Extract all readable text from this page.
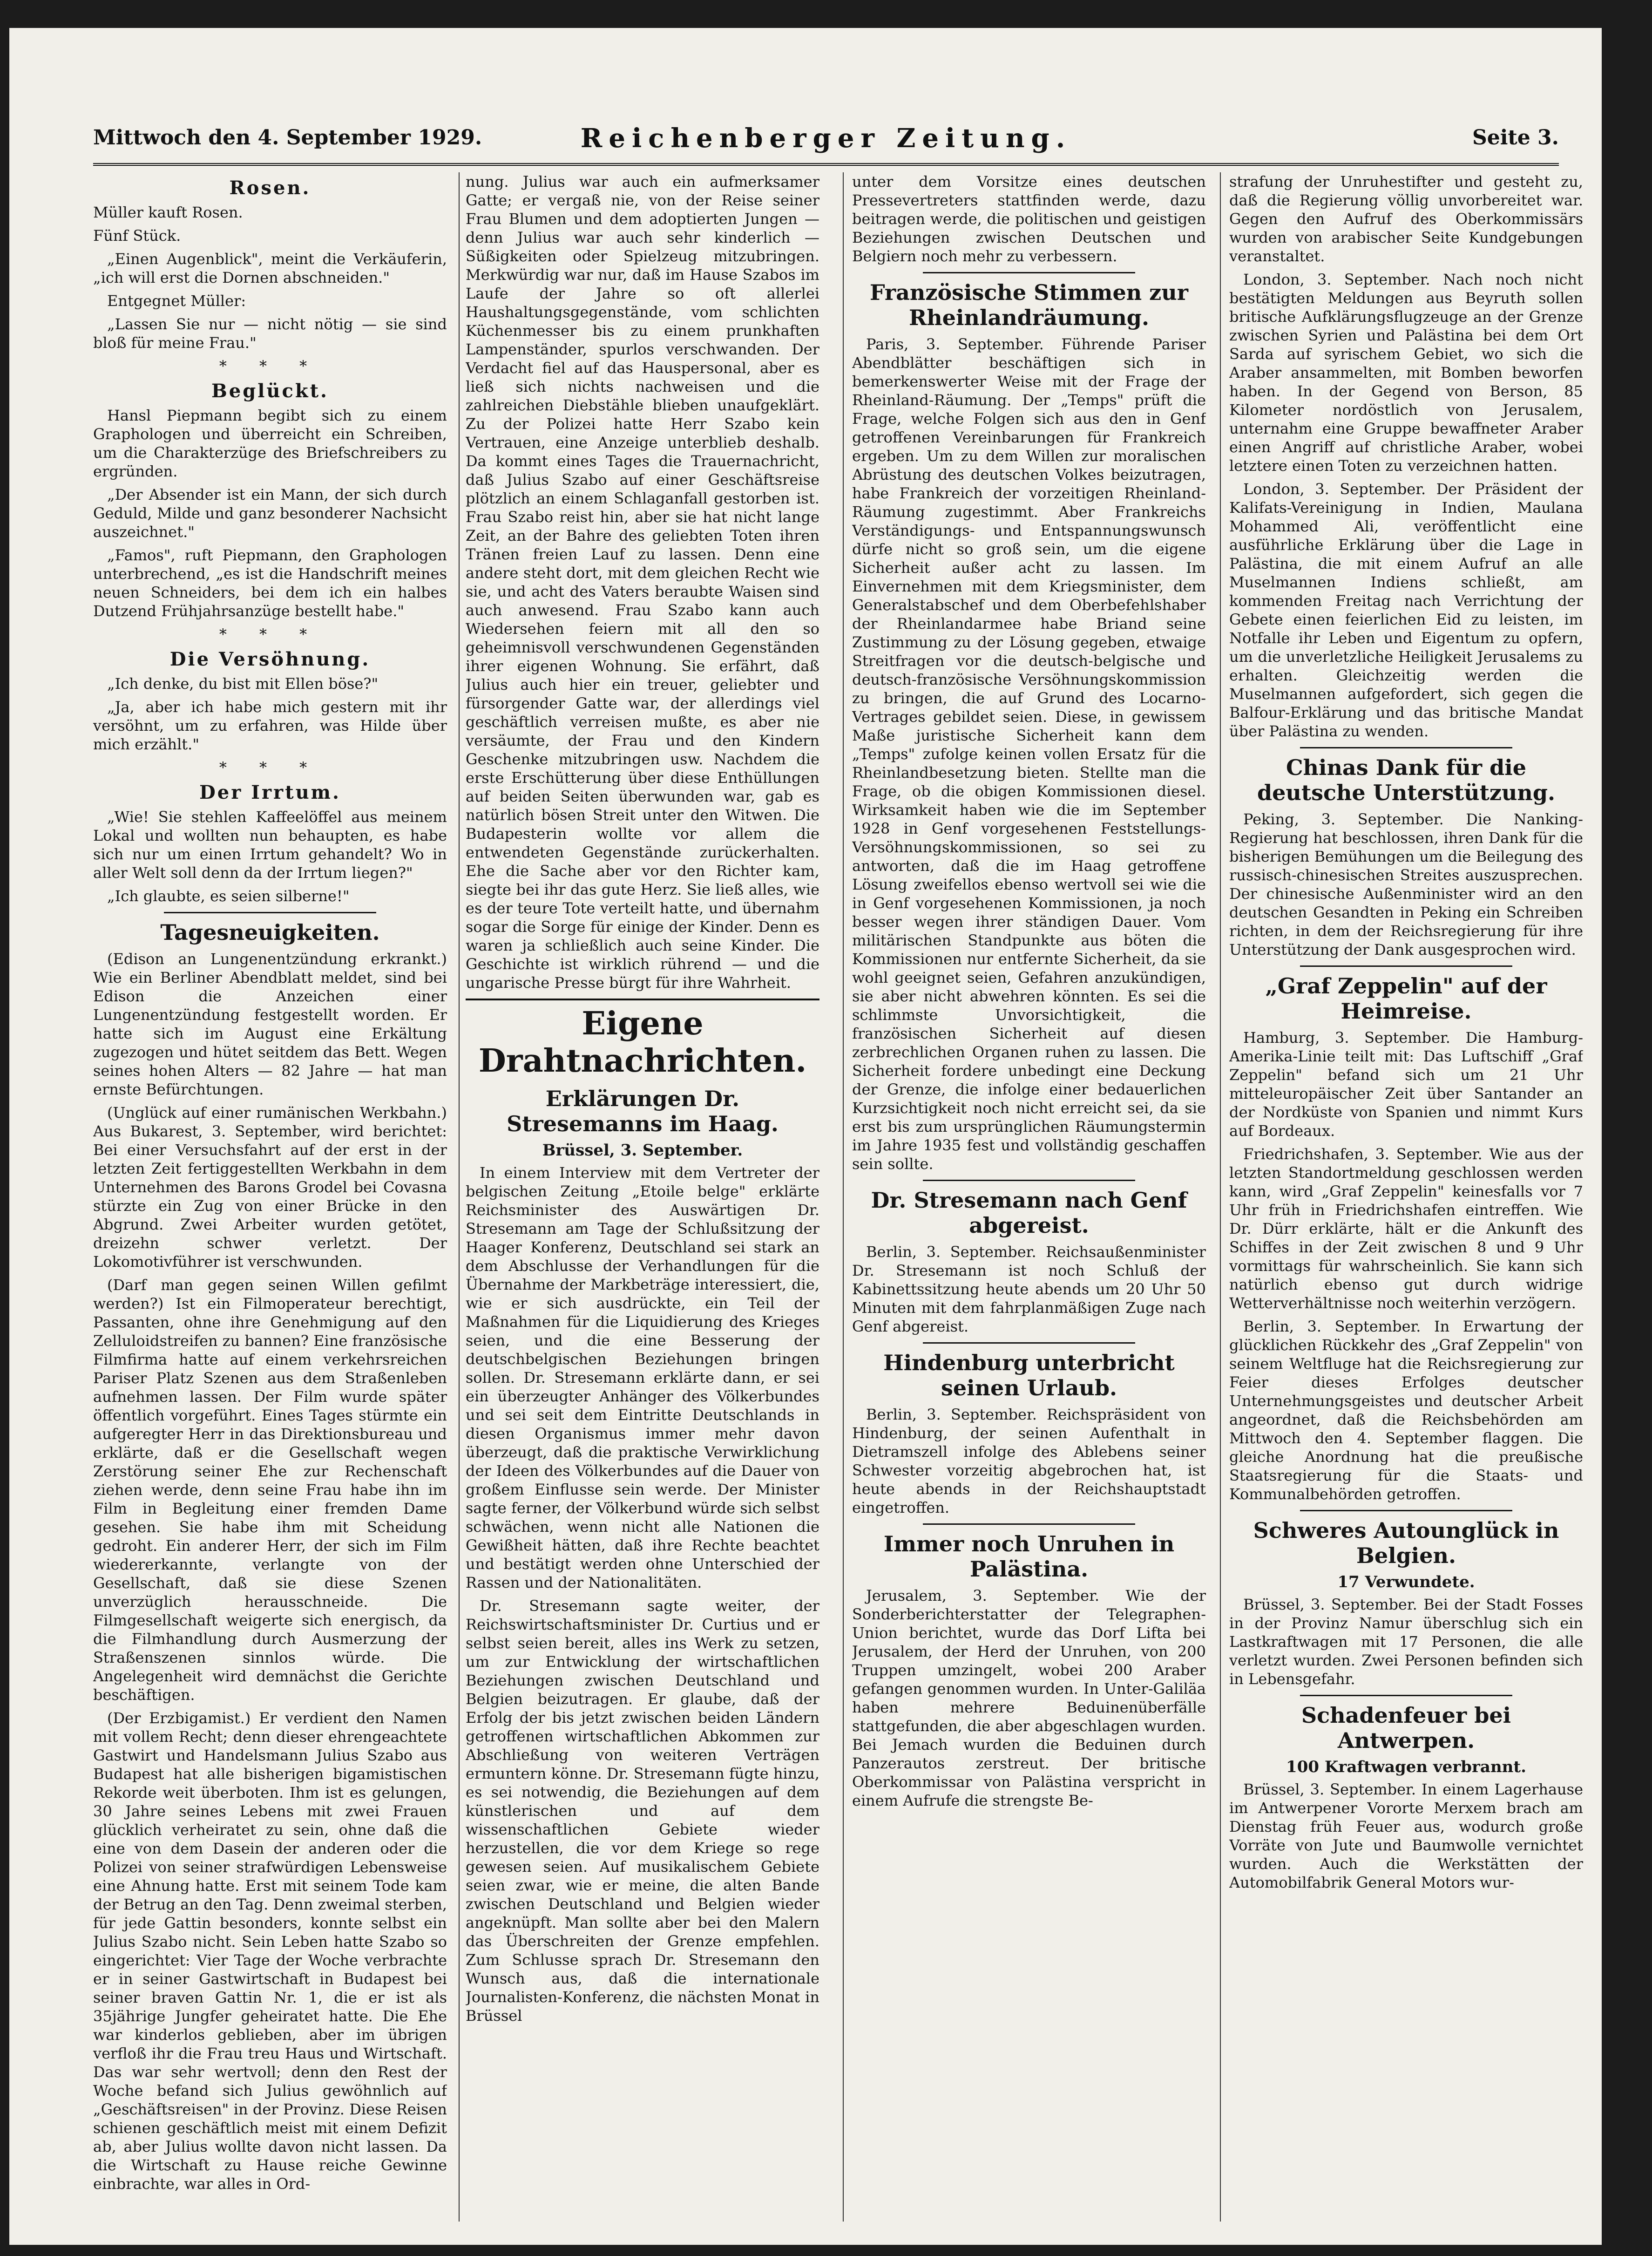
Mittwoch den 4. September 1929.	Reichenberger Zeitung.	Seite 3.
Rosen.

Müller kauft Rosen.

Fünf Stück.

„Einen Augenblick", meint die Verkäuferin, „ich will erst die Dornen abschneiden."

Entgegnet Müller:

„Lassen Sie nur — nicht nötig — sie sind bloß für meine Frau."

* * *
Beglückt.

Hansl Piepmann begibt sich zu einem Graphologen und überreicht ein Schreiben, um die Charakterzüge des Briefschreibers zu ergründen.

„Der Absender ist ein Mann, der sich durch Geduld, Milde und ganz besonderer Nachsicht auszeichnet."

„Famos", ruft Piepmann, den Graphologen unterbrechend, „es ist die Handschrift meines neuen Schneiders, bei dem ich ein halbes Dutzend Frühjahrsanzüge bestellt habe."

* * *
Die Versöhnung.

„Ich denke, du bist mit Ellen böse?"

„Ja, aber ich habe mich gestern mit ihr versöhnt, um zu erfahren, was Hilde über mich erzählt."

* * *
Der Irrtum.

„Wie! Sie stehlen Kaffeelöffel aus meinem Lokal und wollten nun behaupten, es habe sich nur um einen Irrtum gehandelt? Wo in aller Welt soll denn da der Irrtum liegen?"

„Ich glaubte, es seien silberne!"

Tagesneuigkeiten.

(Edison an Lungenentzündung erkrankt.) Wie ein Berliner Abendblatt meldet, sind bei Edison die Anzeichen einer Lungenentzündung festgestellt worden. Er hatte sich im August eine Erkältung zugezogen und hütet seitdem das Bett. Wegen seines hohen Alters — 82 Jahre — hat man ernste Befürchtungen.

(Unglück auf einer rumänischen Werkbahn.) Aus Bukarest, 3. September, wird berichtet: Bei einer Versuchsfahrt auf der erst in der letzten Zeit fertiggestellten Werkbahn in dem Unternehmen des Barons Grodel bei Covasna stürzte ein Zug von einer Brücke in den Abgrund. Zwei Arbeiter wurden getötet, dreizehn schwer verletzt. Der Lokomotivführer ist verschwunden.

(Darf man gegen seinen Willen gefilmt werden?) Ist ein Filmoperateur berechtigt, Passanten, ohne ihre Genehmigung auf den Zelluloidstreifen zu bannen? Eine französische Filmfirma hatte auf einem verkehrsreichen Pariser Platz Szenen aus dem Straßenleben aufnehmen lassen. Der Film wurde später öffentlich vorgeführt. Eines Tages stürmte ein aufgeregter Herr in das Direktionsbureau und erklärte, daß er die Gesellschaft wegen Zerstörung seiner Ehe zur Rechenschaft ziehen werde, denn seine Frau habe ihn im Film in Begleitung einer fremden Dame gesehen. Sie habe ihm mit Scheidung gedroht. Ein anderer Herr, der sich im Film wiedererkannte, verlangte von der Gesellschaft, daß sie diese Szenen unverzüglich herausschneide. Die Filmgesellschaft weigerte sich energisch, da die Filmhandlung durch Ausmerzung der Straßenszenen sinnlos würde. Die Angelegenheit wird demnächst die Gerichte beschäftigen.

(Der Erzbigamist.) Er verdient den Namen mit vollem Recht; denn dieser ehrengeachtete Gastwirt und Handelsmann Julius Szabo aus Budapest hat alle bisherigen bigamistischen Rekorde weit überboten. Ihm ist es gelungen, 30 Jahre seines Lebens mit zwei Frauen glücklich verheiratet zu sein, ohne daß die eine von dem Dasein der anderen oder die Polizei von seiner strafwürdigen Lebensweise eine Ahnung hatte. Erst mit seinem Tode kam der Betrug an den Tag. Denn zweimal sterben, für jede Gattin besonders, konnte selbst ein Julius Szabo nicht. Sein Leben hatte Szabo so eingerichtet: Vier Tage der Woche verbrachte er in seiner Gastwirtschaft in Budapest bei seiner braven Gattin Nr. 1, die er ist als 35jährige Jungfer geheiratet hatte. Die Ehe war kinderlos geblieben, aber im übrigen verfloß ihr die Frau treu Haus und Wirtschaft. Das war sehr wertvoll; denn den Rest der Woche befand sich Julius gewöhnlich auf „Geschäftsreisen" in der Provinz. Diese Reisen schienen geschäftlich meist mit einem Defizit ab, aber Julius wollte davon nicht lassen. Da die Wirtschaft zu Hause reiche Gewinne einbrachte, war alles in Ord-

nung. Julius war auch ein aufmerksamer Gatte; er vergaß nie, von der Reise seiner Frau Blumen und dem adoptierten Jungen — denn Julius war auch sehr kinderlich — Süßigkeiten oder Spielzeug mitzubringen. Merkwürdig war nur, daß im Hause Szabos im Laufe der Jahre so oft allerlei Haushaltungsgegenstände, vom schlichten Küchenmesser bis zu einem prunkhaften Lampenständer, spurlos verschwanden. Der Verdacht fiel auf das Hauspersonal, aber es ließ sich nichts nachweisen und die zahlreichen Diebstähle blieben unaufgeklärt. Zu der Polizei hatte Herr Szabo kein Vertrauen, eine Anzeige unterblieb deshalb. Da kommt eines Tages die Trauernachricht, daß Julius Szabo auf einer Geschäftsreise plötzlich an einem Schlaganfall gestorben ist. Frau Szabo reist hin, aber sie hat nicht lange Zeit, an der Bahre des geliebten Toten ihren Tränen freien Lauf zu lassen. Denn eine andere steht dort, mit dem gleichen Recht wie sie, und acht des Vaters beraubte Waisen sind auch anwesend. Frau Szabo kann auch Wiedersehen feiern mit all den so geheimnisvoll verschwundenen Gegenständen ihrer eigenen Wohnung. Sie erfährt, daß Julius auch hier ein treuer, geliebter und fürsorgender Gatte war, der allerdings viel geschäftlich verreisen mußte, es aber nie versäumte, der Frau und den Kindern Geschenke mitzubringen usw. Nachdem die erste Erschütterung über diese Enthüllungen auf beiden Seiten überwunden war, gab es natürlich bösen Streit unter den Witwen. Die Budapesterin wollte vor allem die entwendeten Gegenstände zurückerhalten. Ehe die Sache aber vor den Richter kam, siegte bei ihr das gute Herz. Sie ließ alles, wie es der teure Tote verteilt hatte, und übernahm sogar die Sorge für einige der Kinder. Denn es waren ja schließlich auch seine Kinder. Die Geschichte ist wirklich rührend — und die ungarische Presse bürgt für ihre Wahrheit.

Eigene Drahtnachrichten.
Erklärungen Dr. Stresemanns im Haag.
Brüssel, 3. September.

In einem Interview mit dem Vertreter der belgischen Zeitung „Etoile belge" erklärte Reichsminister des Auswärtigen Dr. Stresemann am Tage der Schlußsitzung der Haager Konferenz, Deutschland sei stark an dem Abschlusse der Verhandlungen für die Übernahme der Markbeträge interessiert, die, wie er sich ausdrückte, ein Teil der Maßnahmen für die Liquidierung des Krieges seien, und die eine Besserung der deutschbelgischen Beziehungen bringen sollen. Dr. Stresemann erklärte dann, er sei ein überzeugter Anhänger des Völkerbundes und sei seit dem Eintritte Deutschlands in diesen Organismus immer mehr davon überzeugt, daß die praktische Verwirklichung der Ideen des Völkerbundes auf die Dauer von großem Einflusse sein werde. Der Minister sagte ferner, der Völkerbund würde sich selbst schwächen, wenn nicht alle Nationen die Gewißheit hätten, daß ihre Rechte beachtet und bestätigt werden ohne Unterschied der Rassen und der Nationalitäten.

Dr. Stresemann sagte weiter, der Reichswirtschaftsminister Dr. Curtius und er selbst seien bereit, alles ins Werk zu setzen, um zur Entwicklung der wirtschaftlichen Beziehungen zwischen Deutschland und Belgien beizutragen. Er glaube, daß der Erfolg der bis jetzt zwischen beiden Ländern getroffenen wirtschaftlichen Abkommen zur Abschließung von weiteren Verträgen ermuntern könne. Dr. Stresemann fügte hinzu, es sei notwendig, die Beziehungen auf dem künstlerischen und auf dem wissenschaftlichen Gebiete wieder herzustellen, die vor dem Kriege so rege gewesen seien. Auf musikalischem Gebiete seien zwar, wie er meine, die alten Bande zwischen Deutschland und Belgien wieder angeknüpft. Man sollte aber bei den Malern das Überschreiten der Grenze empfehlen. Zum Schlusse sprach Dr. Stresemann den Wunsch aus, daß die internationale Journalisten-Konferenz, die nächsten Monat in Brüssel

unter dem Vorsitze eines deutschen Pressevertreters stattfinden werde, dazu beitragen werde, die politischen und geistigen Beziehungen zwischen Deutschen und Belgiern noch mehr zu verbessern.

Französische Stimmen zur Rheinlandräumung.

Paris, 3. September. Führende Pariser Abendblätter beschäftigen sich in bemerkenswerter Weise mit der Frage der Rheinland-Räumung. Der „Temps" prüft die Frage, welche Folgen sich aus den in Genf getroffenen Vereinbarungen für Frankreich ergeben. Um zu dem Willen zur moralischen Abrüstung des deutschen Volkes beizutragen, habe Frankreich der vorzeitigen Rheinland-Räumung zugestimmt. Aber Frankreichs Verständigungs- und Entspannungswunsch dürfe nicht so groß sein, um die eigene Sicherheit außer acht zu lassen. Im Einvernehmen mit dem Kriegsminister, dem Generalstabschef und dem Oberbefehlshaber der Rheinlandarmee habe Briand seine Zustimmung zu der Lösung gegeben, etwaige Streitfragen vor die deutsch-belgische und deutsch-französische Versöhnungskommission zu bringen, die auf Grund des Locarno-Vertrages gebildet seien. Diese, in gewissem Maße juristische Sicherheit kann dem „Temps" zufolge keinen vollen Ersatz für die Rheinlandbesetzung bieten. Stellte man die Frage, ob die obigen Kommissionen diesel. Wirksamkeit haben wie die im September 1928 in Genf vorgesehenen Feststellungs-Versöhnungskommissionen, so sei zu antworten, daß die im Haag getroffene Lösung zweifellos ebenso wertvoll sei wie die in Genf vorgesehenen Kommissionen, ja noch besser wegen ihrer ständigen Dauer. Vom militärischen Standpunkte aus böten die Kommissionen nur entfernte Sicherheit, da sie wohl geeignet seien, Gefahren anzukündigen, sie aber nicht abwehren könnten. Es sei die schlimmste Unvorsichtigkeit, die französischen Sicherheit auf diesen zerbrechlichen Organen ruhen zu lassen. Die Sicherheit fordere unbedingt eine Deckung der Grenze, die infolge einer bedauerlichen Kurzsichtigkeit noch nicht erreicht sei, da sie erst bis zum ursprünglichen Räumungstermin im Jahre 1935 fest und vollständig geschaffen sein sollte.

Dr. Stresemann nach Genf abgereist.

Berlin, 3. September. Reichsaußenminister Dr. Stresemann ist noch Schluß der Kabinettssitzung heute abends um 20 Uhr 50 Minuten mit dem fahrplanmäßigen Zuge nach Genf abgereist.

Hindenburg unterbricht seinen Urlaub.

Berlin, 3. September. Reichspräsident von Hindenburg, der seinen Aufenthalt in Dietramszell infolge des Ablebens seiner Schwester vorzeitig abgebrochen hat, ist heute abends in der Reichshauptstadt eingetroffen.

Immer noch Unruhen in Palästina.

Jerusalem, 3. September. Wie der Sonderberichterstatter der Telegraphen-Union berichtet, wurde das Dorf Lifta bei Jerusalem, der Herd der Unruhen, von 200 Truppen umzingelt, wobei 200 Araber gefangen genommen wurden. In Unter-Galiläa haben mehrere Beduinenüberfälle stattgefunden, die aber abgeschlagen wurden. Bei Jemach wurden die Beduinen durch Panzerautos zerstreut. Der britische Oberkommissar von Palästina verspricht in einem Aufrufe die strengste Be-

strafung der Unruhestifter und gesteht zu, daß die Regierung völlig unvorbereitet war. Gegen den Aufruf des Oberkommissärs wurden von arabischer Seite Kundgebungen veranstaltet.

London, 3. September. Nach noch nicht bestätigten Meldungen aus Beyruth sollen britische Aufklärungsflugzeuge an der Grenze zwischen Syrien und Palästina bei dem Ort Sarda auf syrischem Gebiet, wo sich die Araber ansammelten, mit Bomben beworfen haben. In der Gegend von Berson, 85 Kilometer nordöstlich von Jerusalem, unternahm eine Gruppe bewaffneter Araber einen Angriff auf christliche Araber, wobei letztere einen Toten zu verzeichnen hatten.

London, 3. September. Der Präsident der Kalifats-Vereinigung in Indien, Maulana Mohammed Ali, veröffentlicht eine ausführliche Erklärung über die Lage in Palästina, die mit einem Aufruf an alle Muselmannen Indiens schließt, am kommenden Freitag nach Verrichtung der Gebete einen feierlichen Eid zu leisten, im Notfalle ihr Leben und Eigentum zu opfern, um die unverletzliche Heiligkeit Jerusalems zu erhalten. Gleichzeitig werden die Muselmannen aufgefordert, sich gegen die Balfour-Erklärung und das britische Mandat über Palästina zu wenden.

Chinas Dank für die deutsche Unterstützung.

Peking, 3. September. Die Nanking-Regierung hat beschlossen, ihren Dank für die bisherigen Bemühungen um die Beilegung des russisch-chinesischen Streites auszusprechen. Der chinesische Außenminister wird an den deutschen Gesandten in Peking ein Schreiben richten, in dem der Reichsregierung für ihre Unterstützung der Dank ausgesprochen wird.

„Graf Zeppelin" auf der Heimreise.

Hamburg, 3. September. Die Hamburg-Amerika-Linie teilt mit: Das Luftschiff „Graf Zeppelin" befand sich um 21 Uhr mitteleuropäischer Zeit über Santander an der Nordküste von Spanien und nimmt Kurs auf Bordeaux.

Friedrichshafen, 3. September. Wie aus der letzten Standortmeldung geschlossen werden kann, wird „Graf Zeppelin" keinesfalls vor 7 Uhr früh in Friedrichshafen eintreffen. Wie Dr. Dürr erklärte, hält er die Ankunft des Schiffes in der Zeit zwischen 8 und 9 Uhr vormittags für wahrscheinlich. Sie kann sich natürlich ebenso gut durch widrige Wetterverhältnisse noch weiterhin verzögern.

Berlin, 3. September. In Erwartung der glücklichen Rückkehr des „Graf Zeppelin" von seinem Weltfluge hat die Reichsregierung zur Feier dieses Erfolges deutscher Unternehmungsgeistes und deutscher Arbeit angeordnet, daß die Reichsbehörden am Mittwoch den 4. September flaggen. Die gleiche Anordnung hat die preußische Staatsregierung für die Staats- und Kommunalbehörden getroffen.

Schweres Autounglück in Belgien.
17 Verwundete.

Brüssel, 3. September. Bei der Stadt Fosses in der Provinz Namur überschlug sich ein Lastkraftwagen mit 17 Personen, die alle verletzt wurden. Zwei Personen befinden sich in Lebensgefahr.

Schadenfeuer bei Antwerpen.
100 Kraftwagen verbrannt.

Brüssel, 3. September. In einem Lagerhause im Antwerpener Vororte Merxem brach am Dienstag früh Feuer aus, wodurch große Vorräte von Jute und Baumwolle vernichtet wurden. Auch die Werkstätten der Automobilfabrik General Motors wur-
